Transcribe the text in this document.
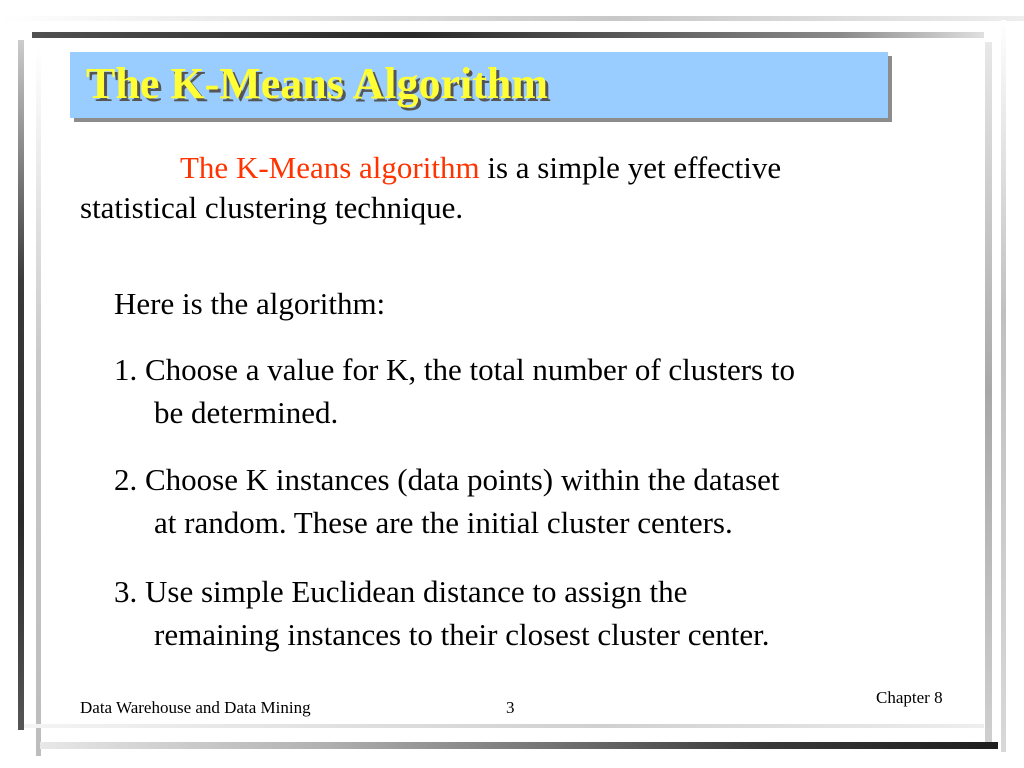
The K-Means Algorithm
The K-Means algorithm is a simple yet effective
statistical clustering technique.
Here is the algorithm:
1. Choose a value for K, the total number of clusters to
be determined.
2. Choose K instances (data points) within the dataset
at random. These are the initial cluster centers.
3. Use simple Euclidean distance to assign the
remaining instances to their closest cluster center.
Data Warehouse and Data Mining	3
Chapter 8
